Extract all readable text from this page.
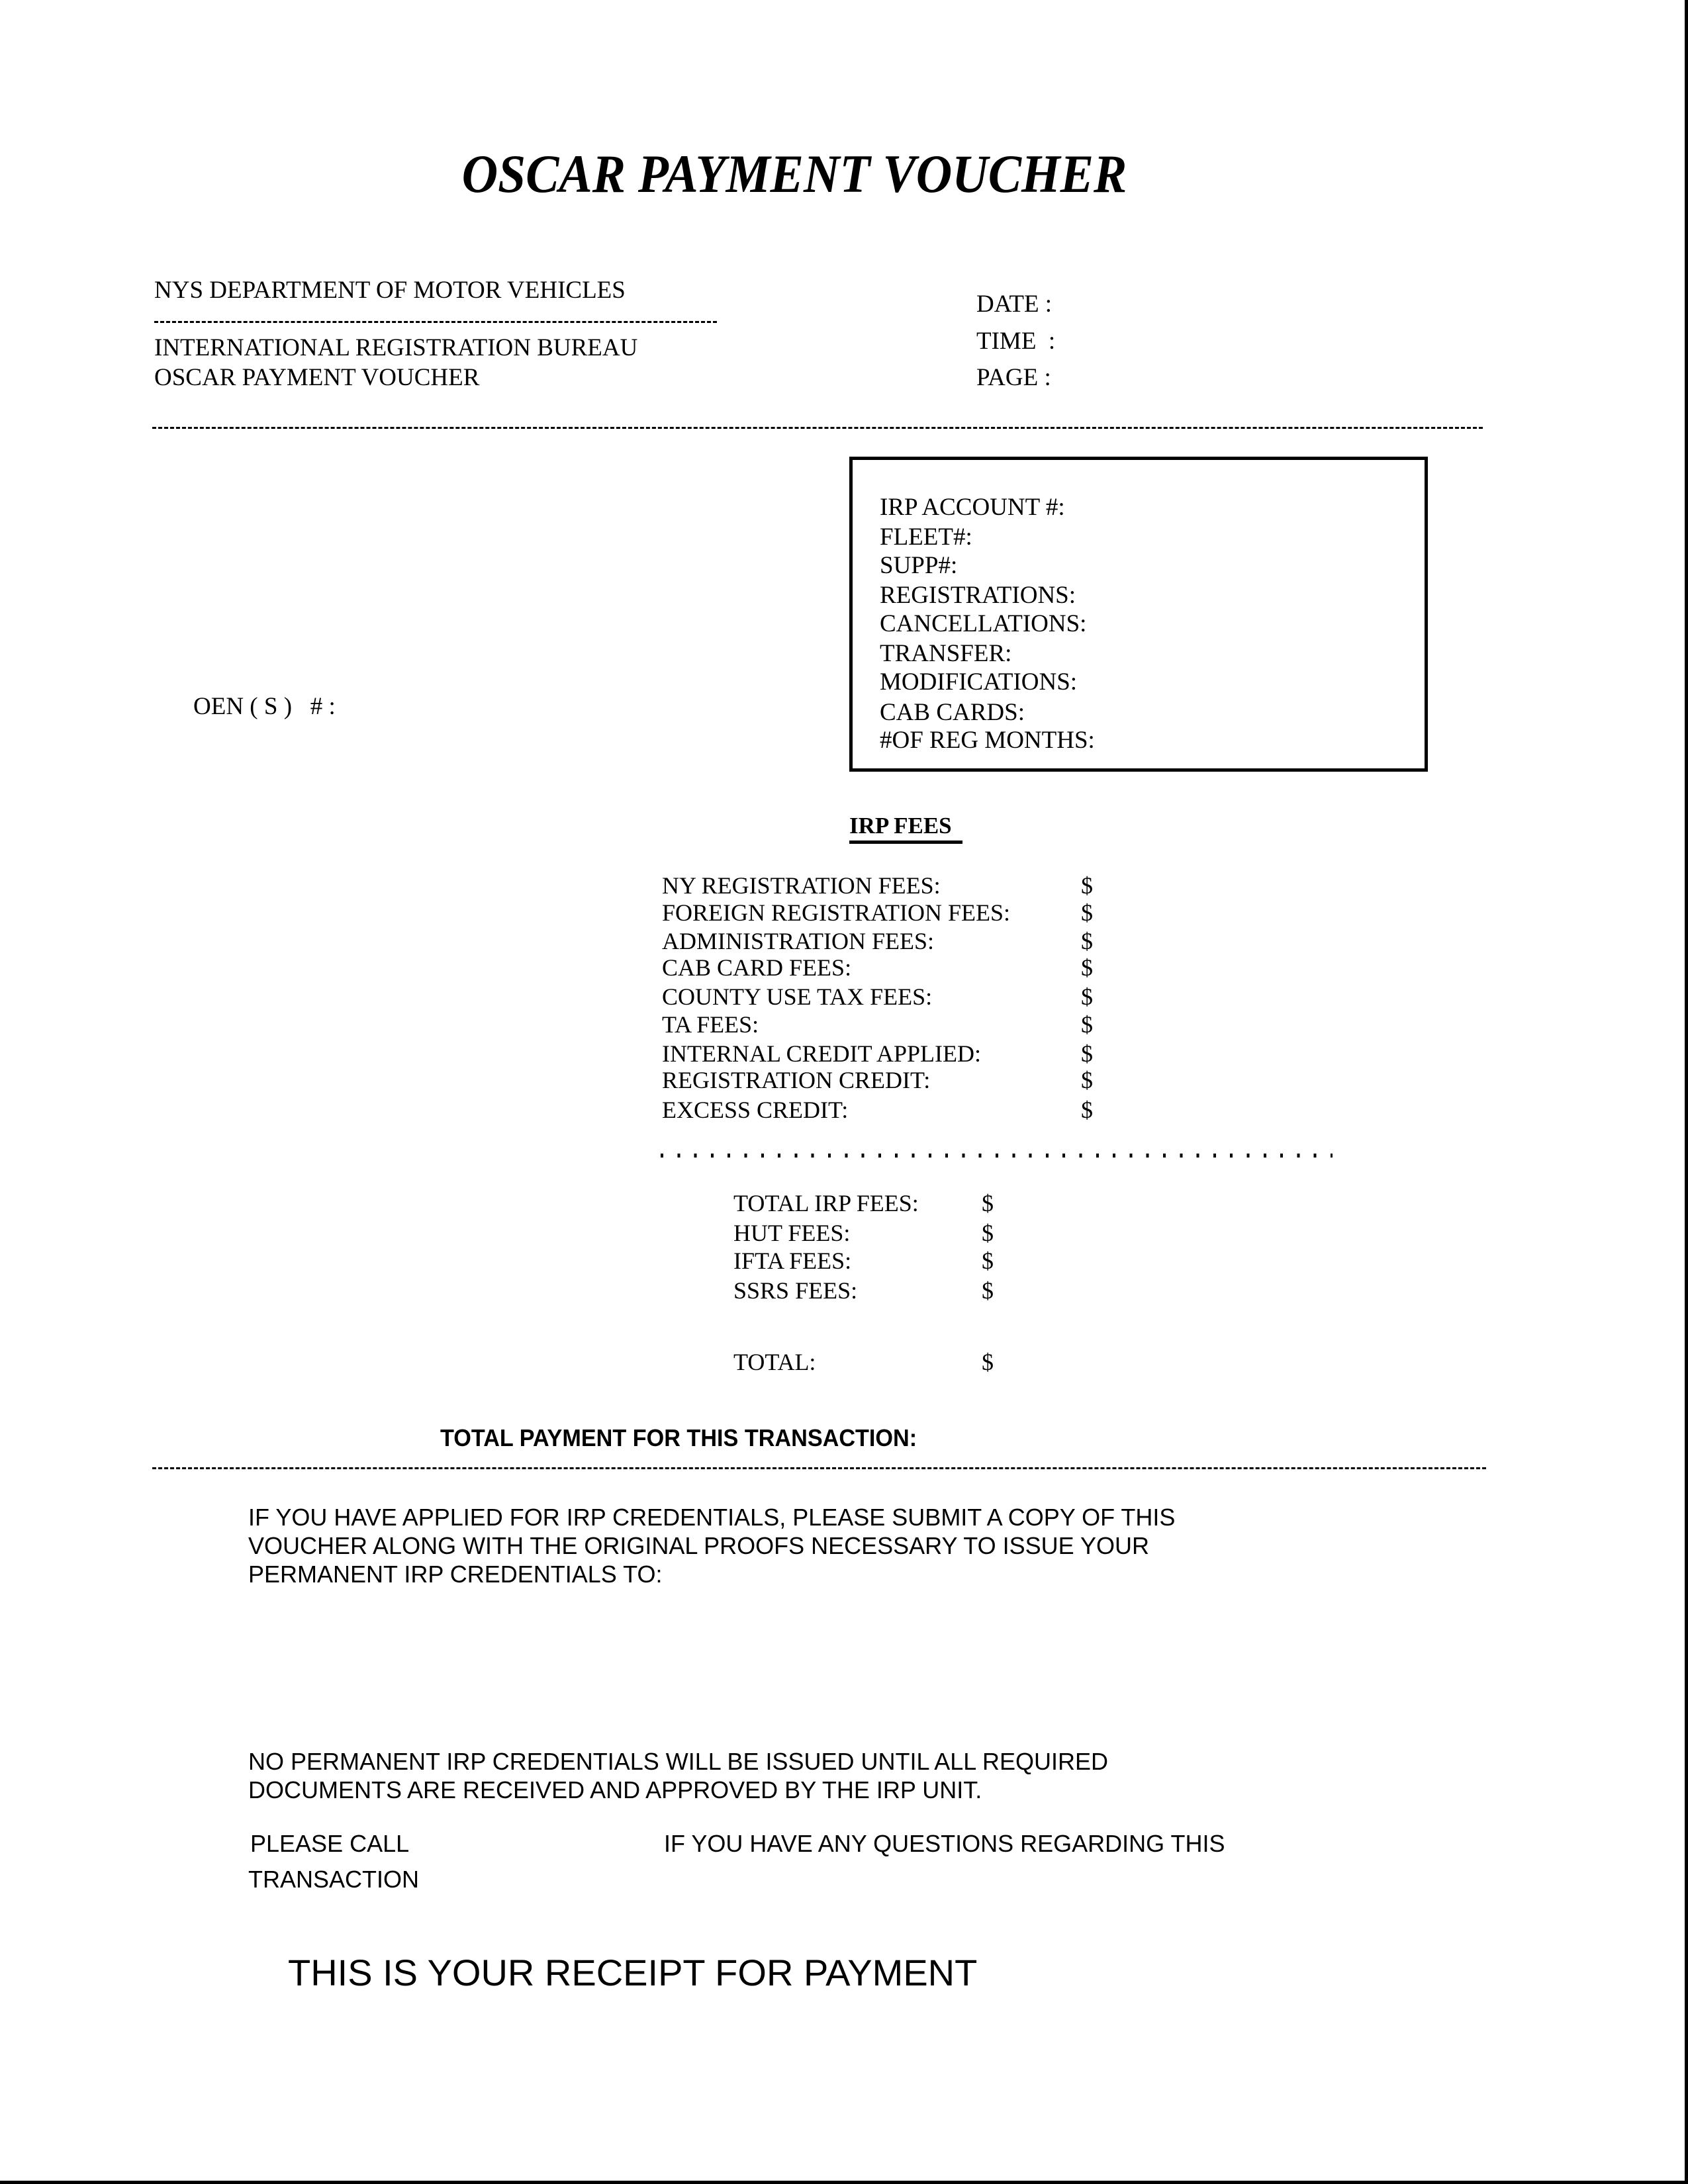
OSCAR PAYMENT VOUCHER
NYS DEPARTMENT OF MOTOR VEHICLES
INTERNATIONAL REGISTRATION BUREAU
OSCAR PAYMENT VOUCHER
DATE :
TIME  :
PAGE :

OEN ( S )   # :

IRP ACCOUNT #:
FLEET#:
SUPP#:
REGISTRATIONS:
CANCELLATIONS:
TRANSFER:
MODIFICATIONS:
CAB CARDS:
#OF REG MONTHS:
IRP FEES
NY REGISTRATION FEES:	$
FOREIGN REGISTRATION FEES:	$
ADMINISTRATION FEES:	$
CAB CARD FEES:	$
COUNTY USE TAX FEES:	$
TA FEES:	$
INTERNAL CREDIT APPLIED:	$
REGISTRATION CREDIT:	$
EXCESS CREDIT:	$
TOTAL IRP FEES:	$
HUT FEES:	$
IFTA FEES:	$
SSRS FEES:	$
TOTAL:	$
TOTAL PAYMENT FOR THIS TRANSACTION:
IF YOU HAVE APPLIED FOR IRP CREDENTIALS, PLEASE SUBMIT A COPY OF THIS
VOUCHER ALONG WITH THE ORIGINAL PROOFS NECESSARY TO ISSUE YOUR
PERMANENT IRP CREDENTIALS TO:
NO PERMANENT IRP CREDENTIALS WILL BE ISSUED UNTIL ALL REQUIRED
DOCUMENTS ARE RECEIVED AND APPROVED BY THE IRP UNIT.
PLEASE CALL	IF YOU HAVE ANY QUESTIONS REGARDING THIS
TRANSACTION
THIS IS YOUR RECEIPT FOR PAYMENT
